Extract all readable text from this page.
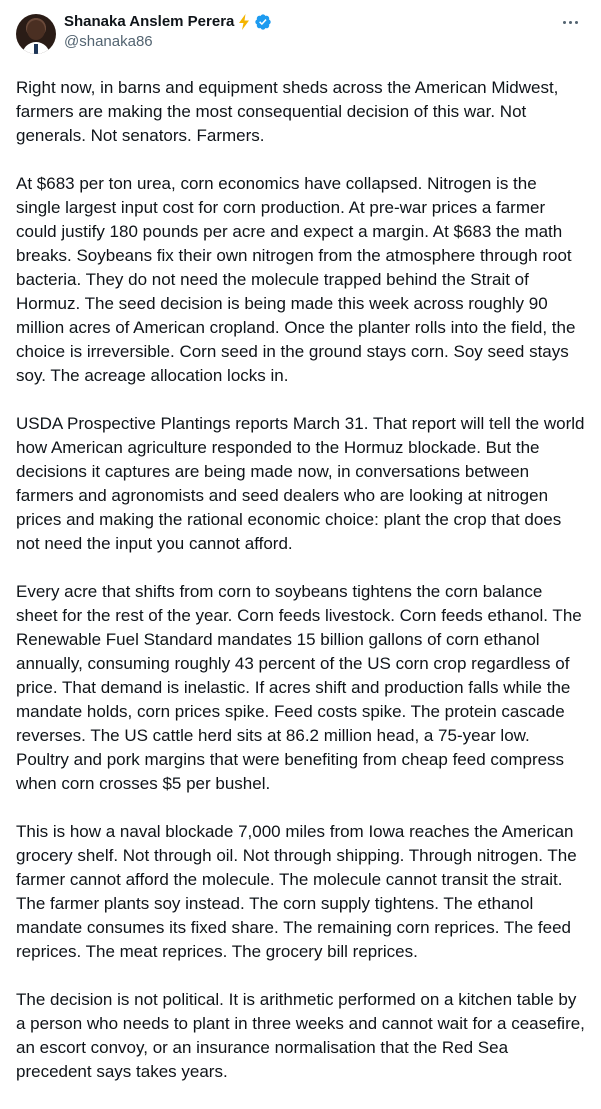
Shanaka Anslem Perera
@shanaka86

Right now, in barns and equipment sheds across the American Midwest, farmers are making the most consequential decision of this war. Not generals. Not senators. Farmers.

At $683 per ton urea, corn economics have collapsed. Nitrogen is the single largest input cost for corn production. At pre-war prices a farmer could justify 180 pounds per acre and expect a margin. At $683 the math breaks. Soybeans fix their own nitrogen from the atmosphere through root bacteria. They do not need the molecule trapped behind the Strait of Hormuz. The seed decision is being made this week across roughly 90 million acres of American cropland. Once the planter rolls into the field, the choice is irreversible. Corn seed in the ground stays corn. Soy seed stays soy. The acreage allocation locks in.

USDA Prospective Plantings reports March 31. That report will tell the world how American agriculture responded to the Hormuz blockade. But the decisions it captures are being made now, in conversations between farmers and agronomists and seed dealers who are looking at nitrogen prices and making the rational economic choice: plant the crop that does not need the input you cannot afford.

Every acre that shifts from corn to soybeans tightens the corn balance sheet for the rest of the year. Corn feeds livestock. Corn feeds ethanol. The Renewable Fuel Standard mandates 15 billion gallons of corn ethanol annually, consuming roughly 43 percent of the US corn crop regardless of price. That demand is inelastic. If acres shift and production falls while the mandate holds, corn prices spike. Feed costs spike. The protein cascade reverses. The US cattle herd sits at 86.2 million head, a 75-year low. Poultry and pork margins that were benefiting from cheap feed compress when corn crosses $5 per bushel.

This is how a naval blockade 7,000 miles from Iowa reaches the American grocery shelf. Not through oil. Not through shipping. Through nitrogen. The farmer cannot afford the molecule. The molecule cannot transit the strait. The farmer plants soy instead. The corn supply tightens. The ethanol mandate consumes its fixed share. The remaining corn reprices. The feed reprices. The meat reprices. The grocery bill reprices.

The decision is not political. It is arithmetic performed on a kitchen table by a person who needs to plant in three weeks and cannot wait for a ceasefire, an escort convoy, or an insurance normalisation that the Red Sea precedent says takes years.
